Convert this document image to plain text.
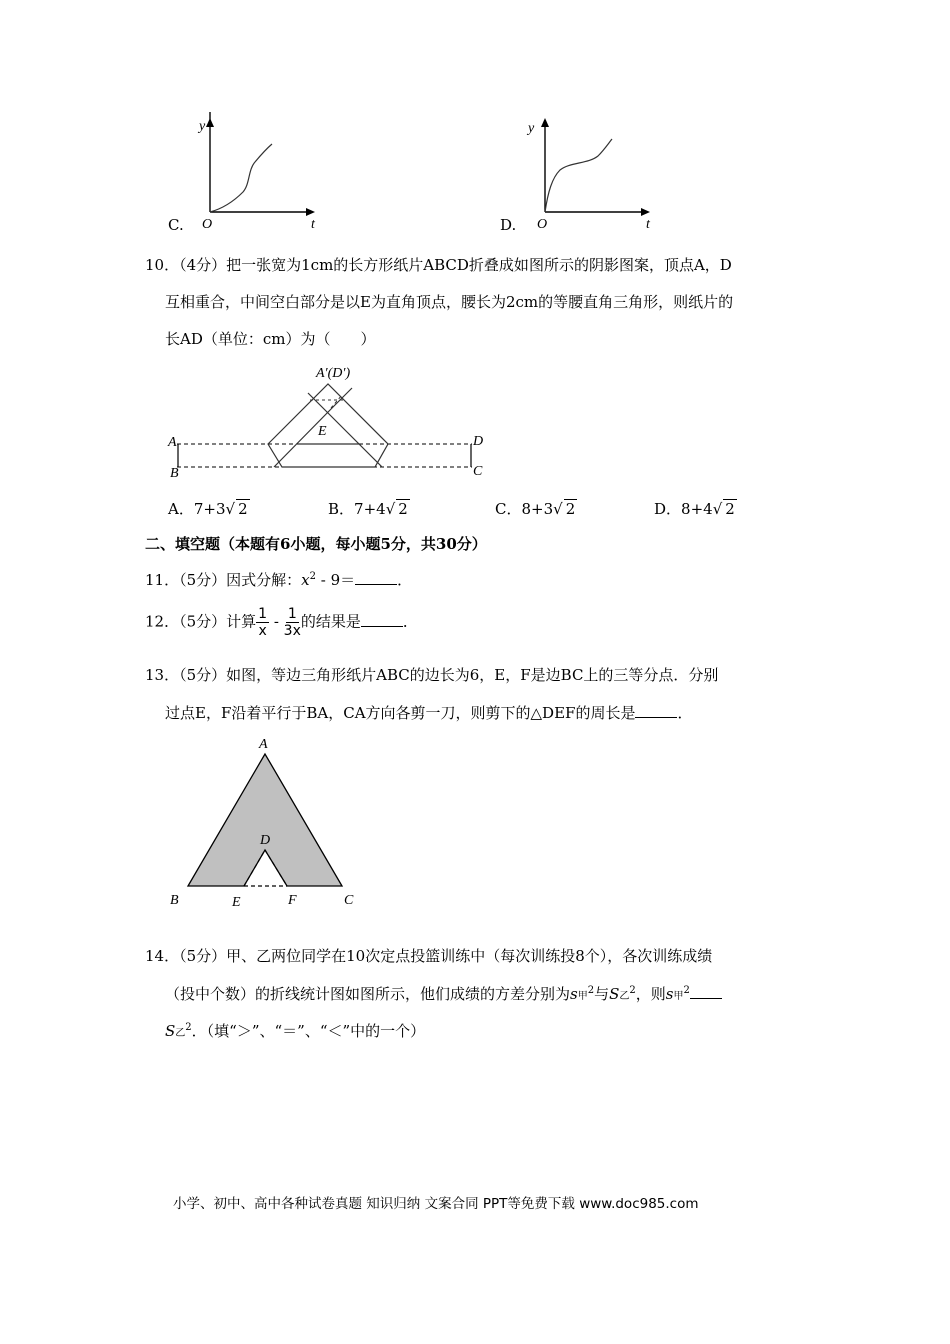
y
O	t
C.
y
O	t
D.
10．（4分）把一张宽为1cm的长方形纸片ABCD折叠成如图所示的阴影图案，顶点A，D
互相重合，中间空白部分是以E为直角顶点，腰长为2cm的等腰直角三角形，则纸片的
长AD（单位：cm）为（　　）
A′(D′)
E
A
B
D
C
A．7+3√ 2	B．7+4√ 2	C．8+3√ 2	D．8+4√ 2
二、填空题（本题有6小题，每小题5分，共30分）
11．（5分）因式分解：$x^2 - 9=$	．
12．（5分）计算 $\frac{1}{x} - \frac{1}{3x}$ 的结果是	．
13．（5分）如图，等边三角形纸片ABC的边长为6，E，F是边BC上的三等分点．分别
过点E，F沿着平行于BA，CA方向各剪一刀，则剪下的△DEF的周长是	．
A
D
B	E	F	C
14．（5分）甲、乙两位同学在10次定点投篮训练中（每次训练投8个），各次训练成绩
（投中个数）的折线统计图如图所示，他们成绩的方差分别为s甲$^2$与S乙$^2$，则s甲$^2$
S乙$^2$．（填“＞”、“＝”、“＜”中的一个）
小学、初中、高中各种试卷真题 知识归纳 文案合同 PPT等免费下载 www.doc985.com
